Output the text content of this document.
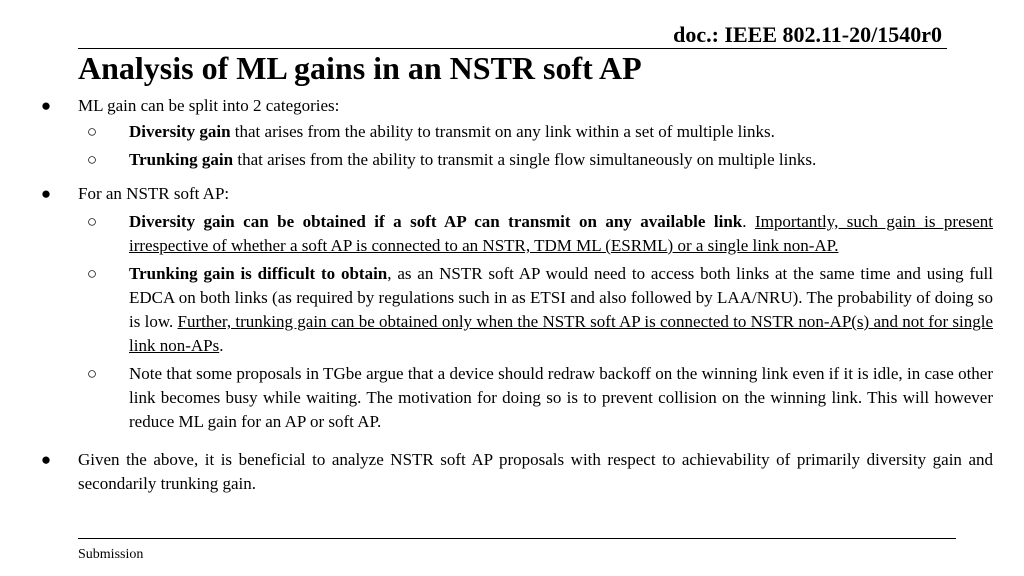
doc.: IEEE 802.11-20/1540r0
Analysis of ML gains in an NSTR soft AP
● ML gain can be split into 2 categories:
○ Diversity gain that arises from the ability to transmit on any link within a set of multiple links.
○ Trunking gain that arises from the ability to transmit a single flow simultaneously on multiple links.
● For an NSTR soft AP:
○ Diversity gain can be obtained if a soft AP can transmit on any available link. Importantly, such gain is present irrespective of whether a soft AP is connected to an NSTR, TDM ML (ESRML) or a single link non-AP.
○ Trunking gain is difficult to obtain, as an NSTR soft AP would need to access both links at the same time and using full EDCA on both links (as required by regulations such in as ETSI and also followed by LAA/NRU). The probability of doing so is low. Further, trunking gain can be obtained only when the NSTR soft AP is connected to NSTR non-AP(s) and not for single link non-APs.
○ Note that some proposals in TGbe argue that a device should redraw backoff on the winning link even if it is idle, in case other link becomes busy while waiting. The motivation for doing so is to prevent collision on the winning link. This will however reduce ML gain for an AP or soft AP.
● Given the above, it is beneficial to analyze NSTR soft AP proposals with respect to achievability of primarily diversity gain and secondarily trunking gain.
Submission
